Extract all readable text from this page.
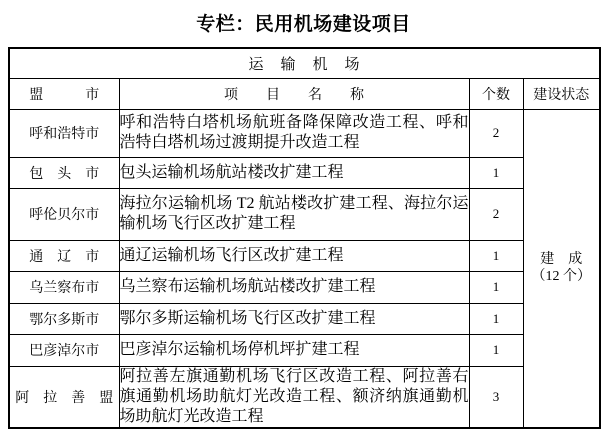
专栏：民用机场建设项目
运　输　机　场			
盟　　　市	项　　目　　名　　称	个数	建设状态
呼和浩特市	呼和浩特白塔机场航班备降保障改造工程、呼和浩特白塔机场过渡期提升改造工程	2	建　成
（12 个）

包　头　市	包头运输机场航站楼改扩建工程	1	
呼伦贝尔市	海拉尔运输机场 T2 航站楼改扩建工程、海拉尔运输机场飞行区改扩建工程	2	
通　辽　市	通辽运输机场飞行区改扩建工程	1	
乌兰察布市	乌兰察布运输机场航站楼改扩建工程	1	
鄂尔多斯市	鄂尔多斯运输机场飞行区改扩建工程	1	
巴彦淖尔市	巴彦淖尔运输机场停机坪扩建工程	1	
阿　拉　善　盟	阿拉善左旗通勤机场飞行区改造工程、阿拉善右旗通勤机场助航灯光改造工程、额济纳旗通勤机场助航灯光改造工程	3	
